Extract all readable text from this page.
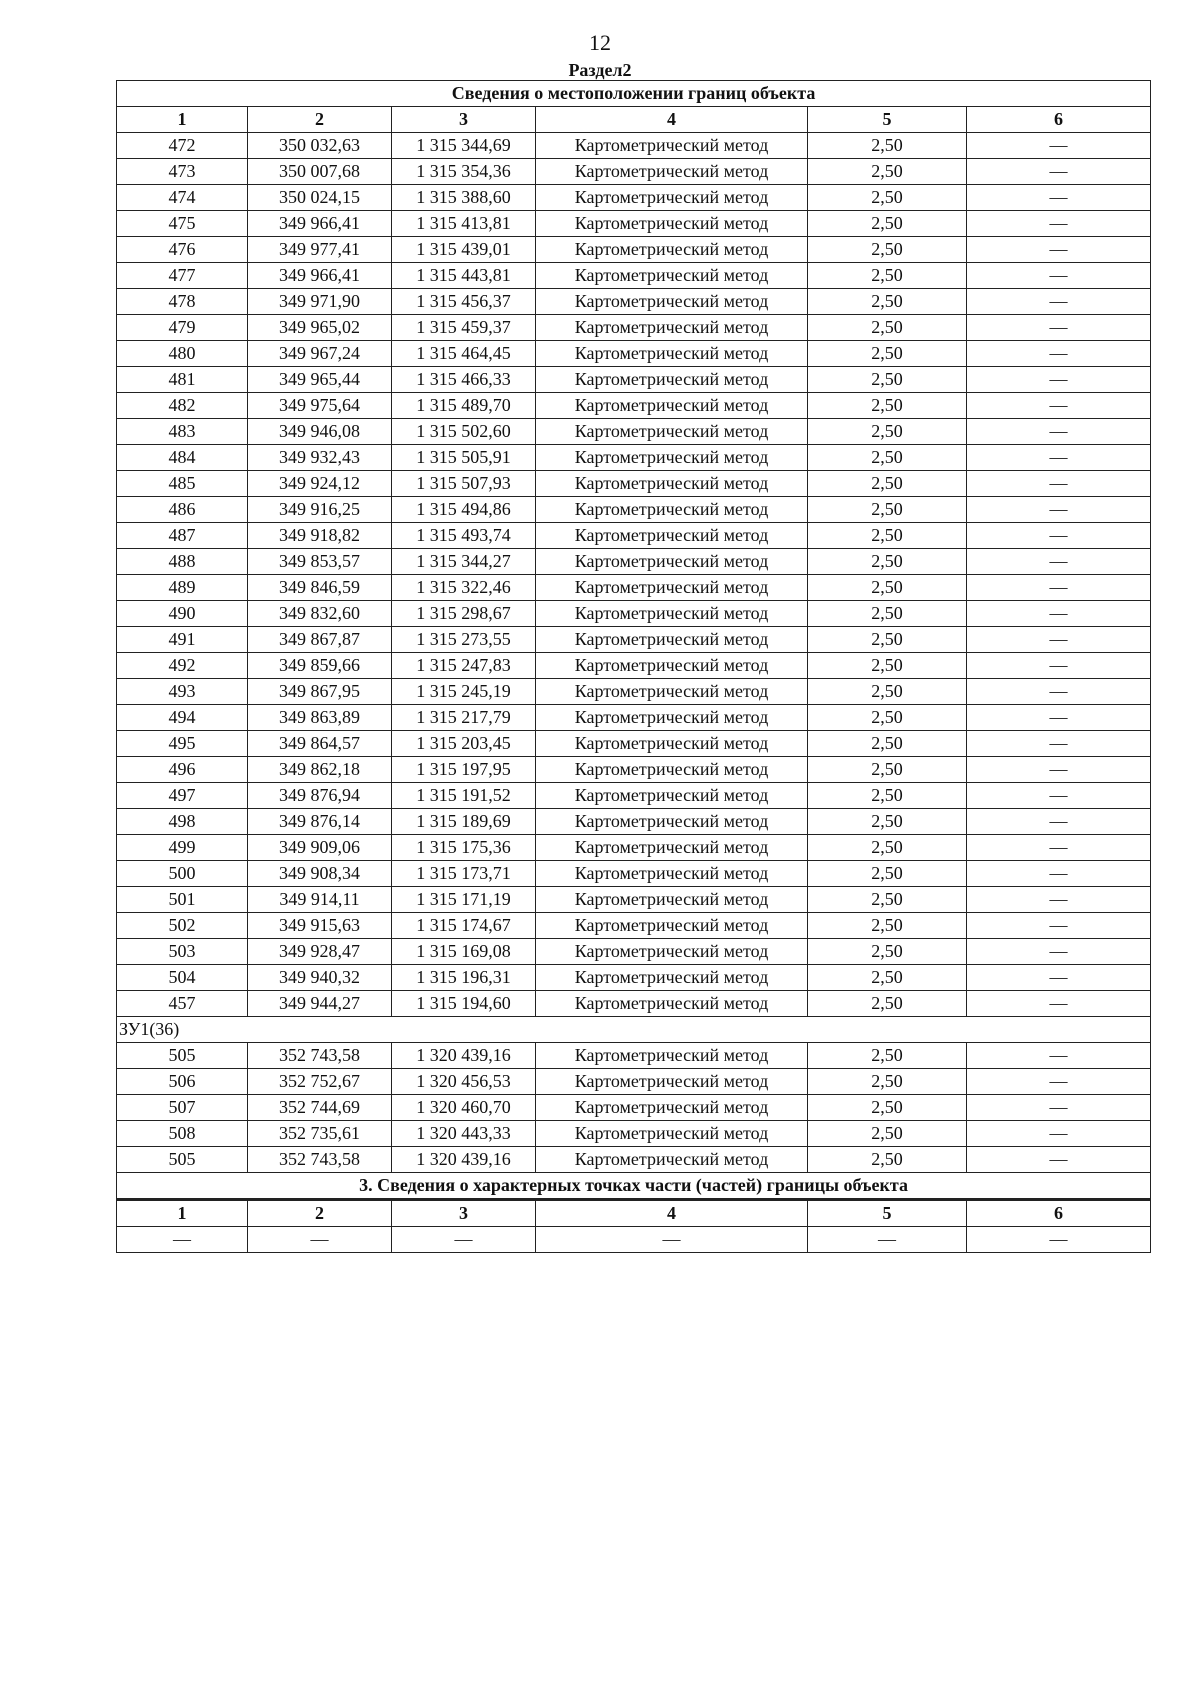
12
Раздел2
Сведения о местоположении границ объекта					
1	2	3	4	5	6
472	350 032,63	1 315 344,69	Картометрический метод	2,50	—
473	350 007,68	1 315 354,36	Картометрический метод	2,50	—
474	350 024,15	1 315 388,60	Картометрический метод	2,50	—
475	349 966,41	1 315 413,81	Картометрический метод	2,50	—
476	349 977,41	1 315 439,01	Картометрический метод	2,50	—
477	349 966,41	1 315 443,81	Картометрический метод	2,50	—
478	349 971,90	1 315 456,37	Картометрический метод	2,50	—
479	349 965,02	1 315 459,37	Картометрический метод	2,50	—
480	349 967,24	1 315 464,45	Картометрический метод	2,50	—
481	349 965,44	1 315 466,33	Картометрический метод	2,50	—
482	349 975,64	1 315 489,70	Картометрический метод	2,50	—
483	349 946,08	1 315 502,60	Картометрический метод	2,50	—
484	349 932,43	1 315 505,91	Картометрический метод	2,50	—
485	349 924,12	1 315 507,93	Картометрический метод	2,50	—
486	349 916,25	1 315 494,86	Картометрический метод	2,50	—
487	349 918,82	1 315 493,74	Картометрический метод	2,50	—
488	349 853,57	1 315 344,27	Картометрический метод	2,50	—
489	349 846,59	1 315 322,46	Картометрический метод	2,50	—
490	349 832,60	1 315 298,67	Картометрический метод	2,50	—
491	349 867,87	1 315 273,55	Картометрический метод	2,50	—
492	349 859,66	1 315 247,83	Картометрический метод	2,50	—
493	349 867,95	1 315 245,19	Картометрический метод	2,50	—
494	349 863,89	1 315 217,79	Картометрический метод	2,50	—
495	349 864,57	1 315 203,45	Картометрический метод	2,50	—
496	349 862,18	1 315 197,95	Картометрический метод	2,50	—
497	349 876,94	1 315 191,52	Картометрический метод	2,50	—
498	349 876,14	1 315 189,69	Картометрический метод	2,50	—
499	349 909,06	1 315 175,36	Картометрический метод	2,50	—
500	349 908,34	1 315 173,71	Картометрический метод	2,50	—
501	349 914,11	1 315 171,19	Картометрический метод	2,50	—
502	349 915,63	1 315 174,67	Картометрический метод	2,50	—
503	349 928,47	1 315 169,08	Картометрический метод	2,50	—
504	349 940,32	1 315 196,31	Картометрический метод	2,50	—
457	349 944,27	1 315 194,60	Картометрический метод	2,50	—
ЗУ1(36)					
505	352 743,58	1 320 439,16	Картометрический метод	2,50	—
506	352 752,67	1 320 456,53	Картометрический метод	2,50	—
507	352 744,69	1 320 460,70	Картометрический метод	2,50	—
508	352 735,61	1 320 443,33	Картометрический метод	2,50	—
505	352 743,58	1 320 439,16	Картометрический метод	2,50	—
3. Сведения о характерных точках части (частей) границы объекта					
1	2	3	4	5	6
—	—	—	—	—	—
